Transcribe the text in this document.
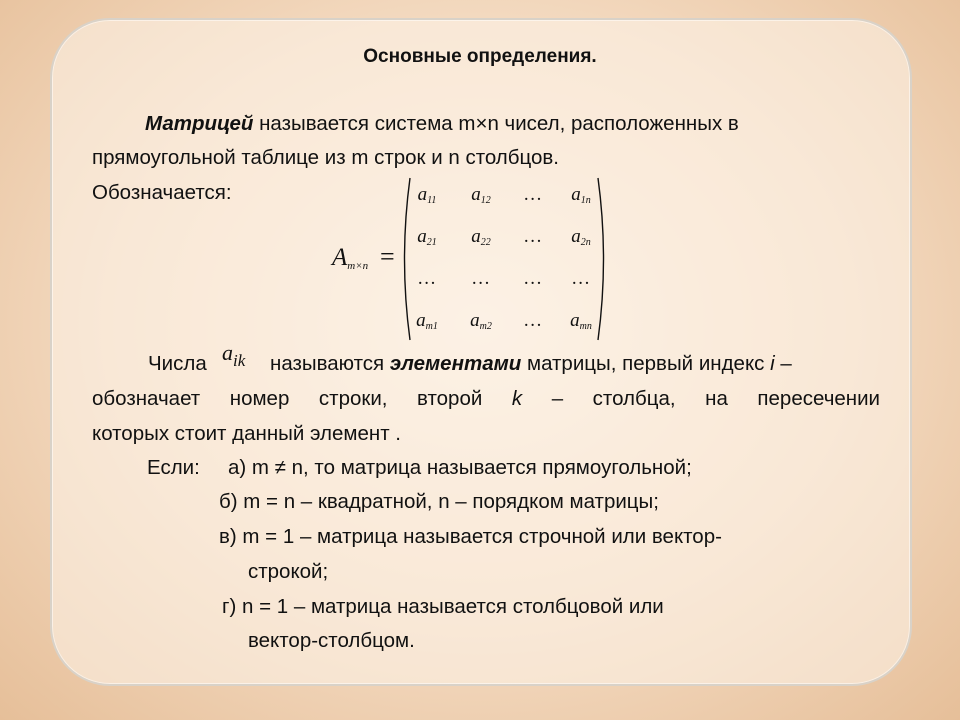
Основные определения.
Матрицей называется система m×n чисел, расположенных в
прямоугольной таблице из m строк и n столбцов.
Обозначается:
$A_{m\times n}$ =
$a_{11}$	$a_{12}$	…	$a_{1n}$
$a_{21}$	$a_{22}$	…	$a_{2n}$
…	…	…	…
$a_{m1}$	$a_{m2}$	…	$a_{mn}$
Числа $a_{ik}$ называются элементами матрицы, первый индекс i –
обозначает номер строки, второй k – столбца, на пересечении
которых стоит данный элемент .
Если: а) m ≠ n, то матрица называется прямоугольной;
б) m = n – квадратной, n – порядком матрицы;
в) m = 1 – матрица называется строчной или вектор-
строкой;
г) n = 1 – матрица называется столбцовой или
вектор-столбцом.
